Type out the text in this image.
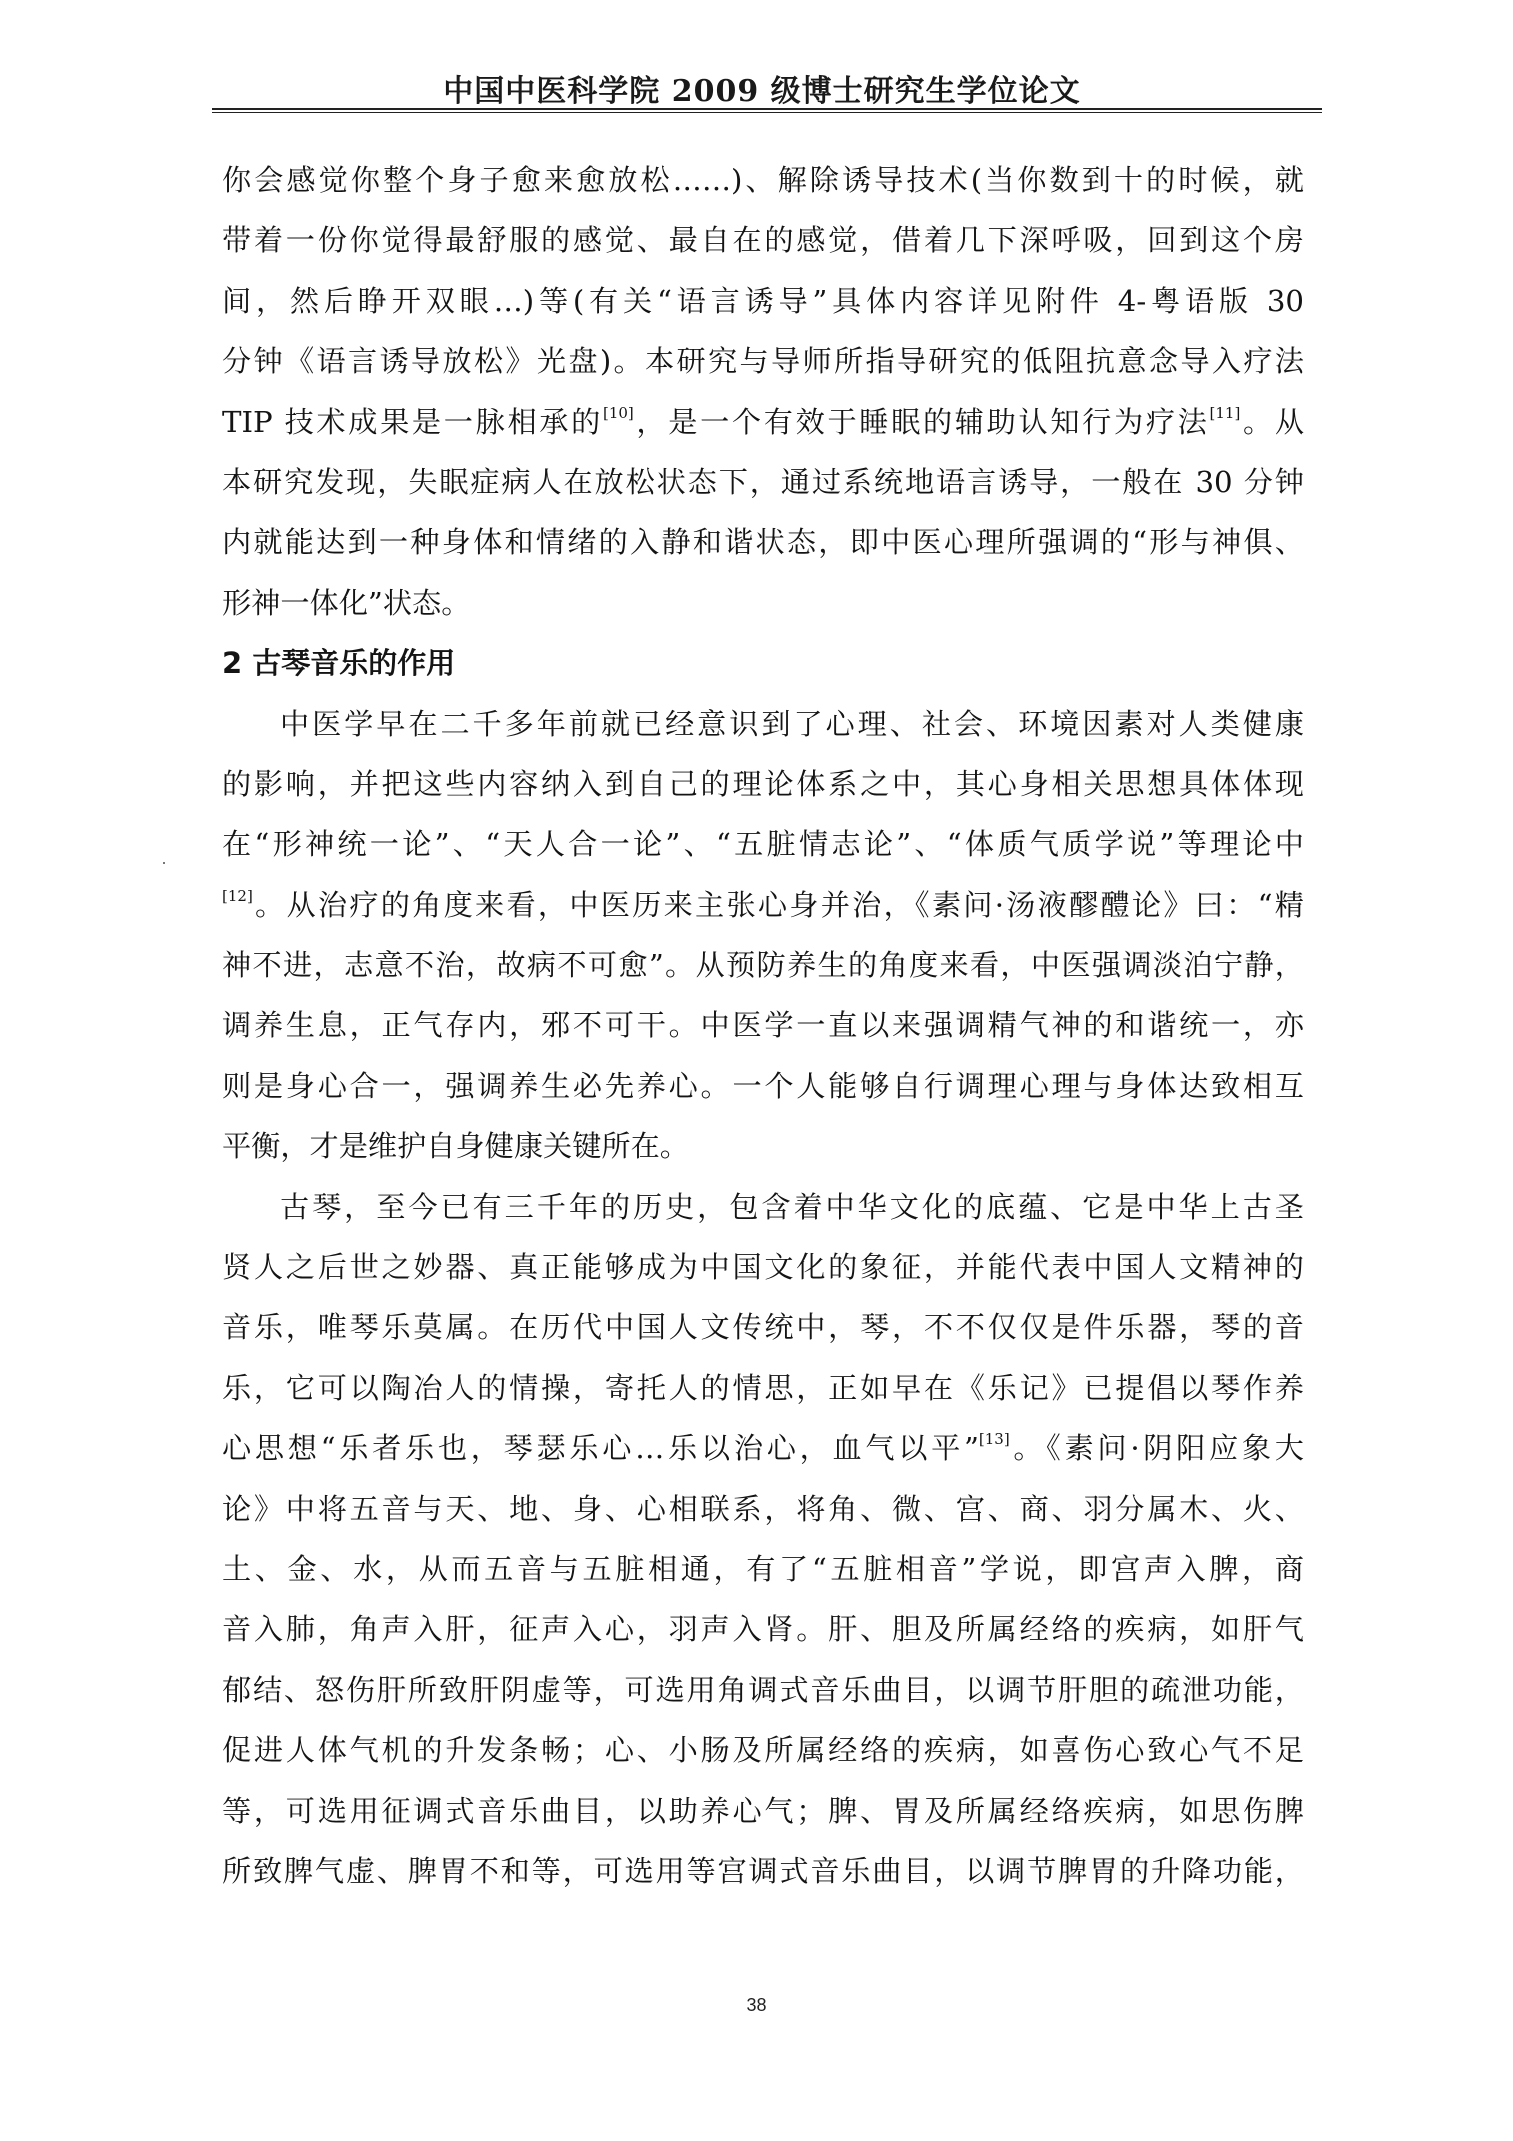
中国中医科学院 2009 级博士研究生学位论文
你会感觉你整个身子愈来愈放松……)、解除诱导技术(当你数到十的时候，就
带着一份你觉得最舒服的感觉、最自在的感觉，借着几下深呼吸，回到这个房
间，然后睁开双眼…)等(有关“语言诱导”具体内容详见附件 4-粤语版 30
分钟《语言诱导放松》光盘)。本研究与导师所指导研究的低阻抗意念导入疗法
TIP 技术成果是一脉相承的[10]，是一个有效于睡眠的辅助认知行为疗法[11]。从
本研究发现，失眠症病人在放松状态下，通过系统地语言诱导，一般在 30 分钟
内就能达到一种身体和情绪的入静和谐状态，即中医心理所强调的“形与神俱、
形神一体化”状态。
2 古琴音乐的作用
中医学早在二千多年前就已经意识到了心理、社会、环境因素对人类健康
的影响，并把这些内容纳入到自己的理论体系之中，其心身相关思想具体体现
在“形神统一论”、“天人合一论”、“五脏情志论”、“体质气质学说”等理论中
[12]。从治疗的角度来看，中医历来主张心身并治，《素问·汤液醪醴论》曰：“精
神不进，志意不治，故病不可愈”。从预防养生的角度来看，中医强调淡泊宁静，
调养生息，正气存内，邪不可干。中医学一直以来强调精气神的和谐统一，亦
则是身心合一，强调养生必先养心。一个人能够自行调理心理与身体达致相互
平衡，才是维护自身健康关键所在。
古琴，至今已有三千年的历史，包含着中华文化的底蕴、它是中华上古圣
贤人之后世之妙器、真正能够成为中国文化的象征，并能代表中国人文精神的
音乐，唯琴乐莫属。在历代中国人文传统中，琴，不不仅仅是件乐器，琴的音
乐，它可以陶冶人的情操，寄托人的情思，正如早在《乐记》已提倡以琴作养
心思想“乐者乐也，琴瑟乐心…乐以治心，血气以平”[13]。《素问·阴阳应象大
论》中将五音与天、地、身、心相联系，将角、微、宫、商、羽分属木、火、
土、金、水，从而五音与五脏相通，有了“五脏相音”学说，即宫声入脾，商
音入肺，角声入肝，征声入心，羽声入肾。肝、胆及所属经络的疾病，如肝气
郁结、怒伤肝所致肝阴虚等，可选用角调式音乐曲目，以调节肝胆的疏泄功能，
促进人体气机的升发条畅；心、小肠及所属经络的疾病，如喜伤心致心气不足
等，可选用征调式音乐曲目，以助养心气；脾、胃及所属经络疾病，如思伤脾
所致脾气虚、脾胃不和等，可选用等宫调式音乐曲目，以调节脾胃的升降功能，
38
